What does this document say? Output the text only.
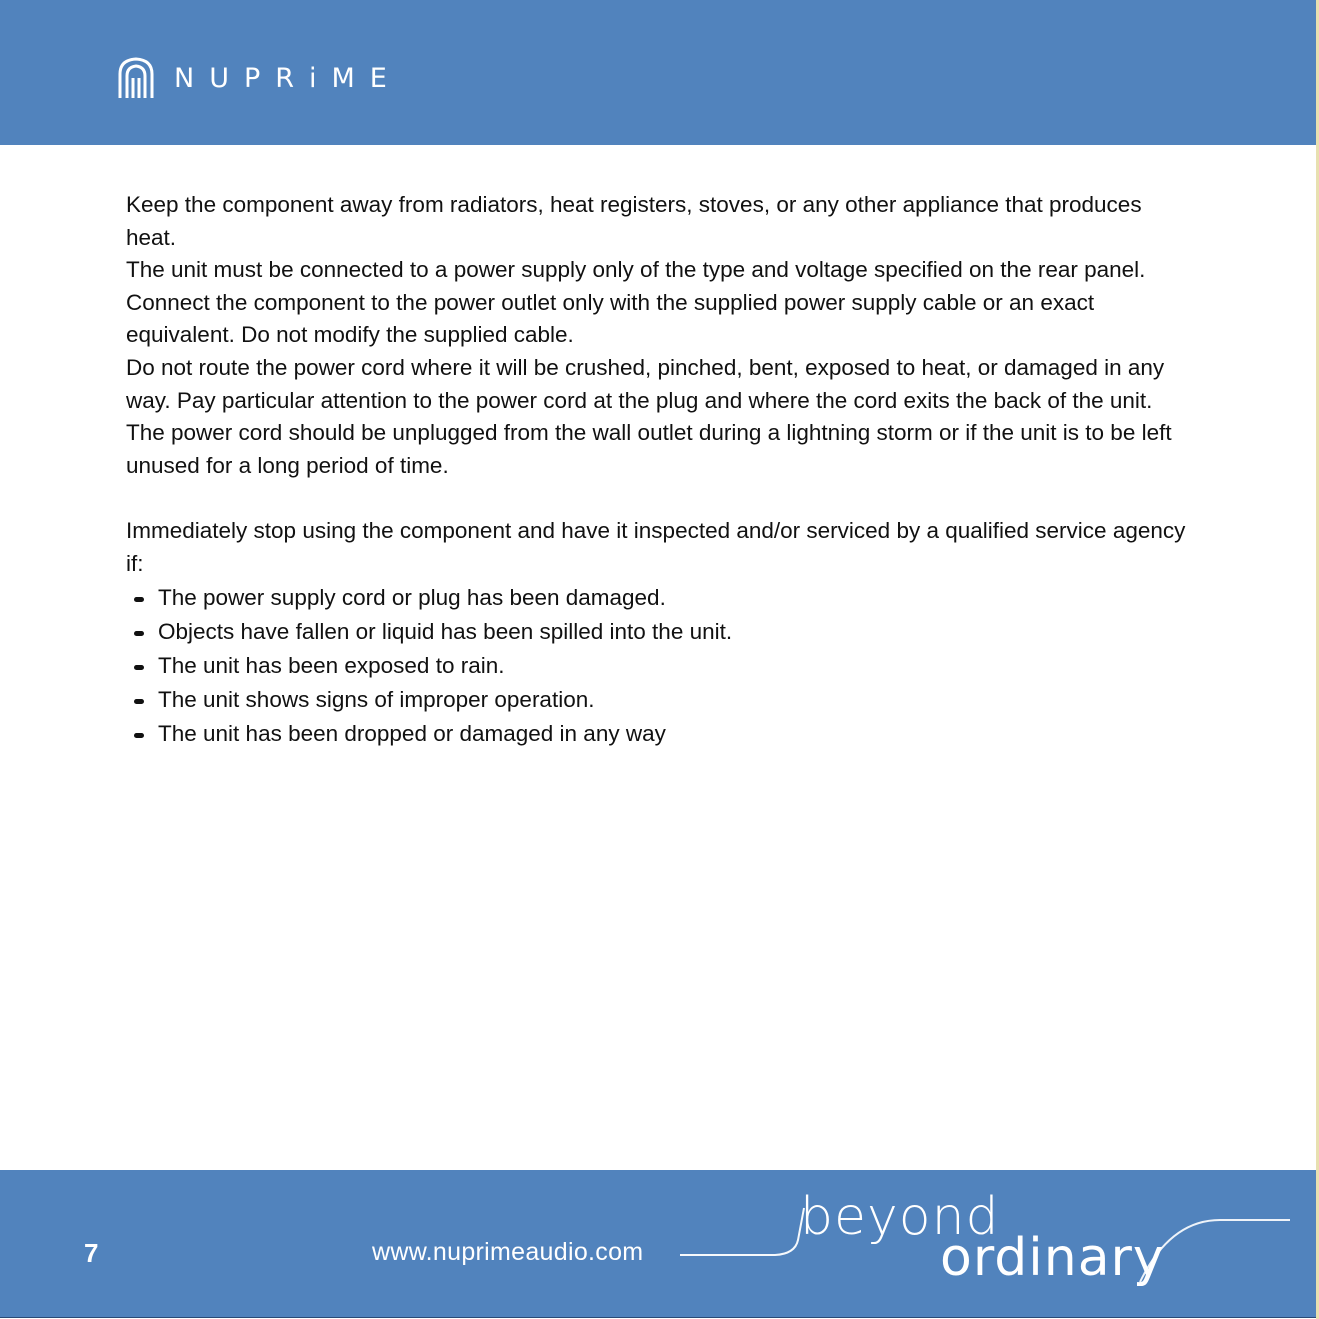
NUPRiME

Keep the component away from radiators, heat registers, stoves, or any other appliance that produces heat.

The unit must be connected to a power supply only of the type and voltage specified on the rear panel. Connect the component to the power outlet only with the supplied power supply cable or an exact equivalent. Do not modify the supplied cable.

Do not route the power cord where it will be crushed, pinched, bent, exposed to heat, or damaged in any way. Pay particular attention to the power cord at the plug and where the cord exits the back of the unit.

The power cord should be unplugged from the wall outlet during a lightning storm or if the unit is to be left unused for a long period of time.

Immediately stop using the component and have it inspected and/or serviced by a qualified service agency if:

The power supply cord or plug has been damaged.
Objects have fallen or liquid has been spilled into the unit.
The unit has been exposed to rain.
The unit shows signs of improper operation.
The unit has been dropped or damaged in any way
7	www.nuprimeaudio.com
beyond
ordinary
